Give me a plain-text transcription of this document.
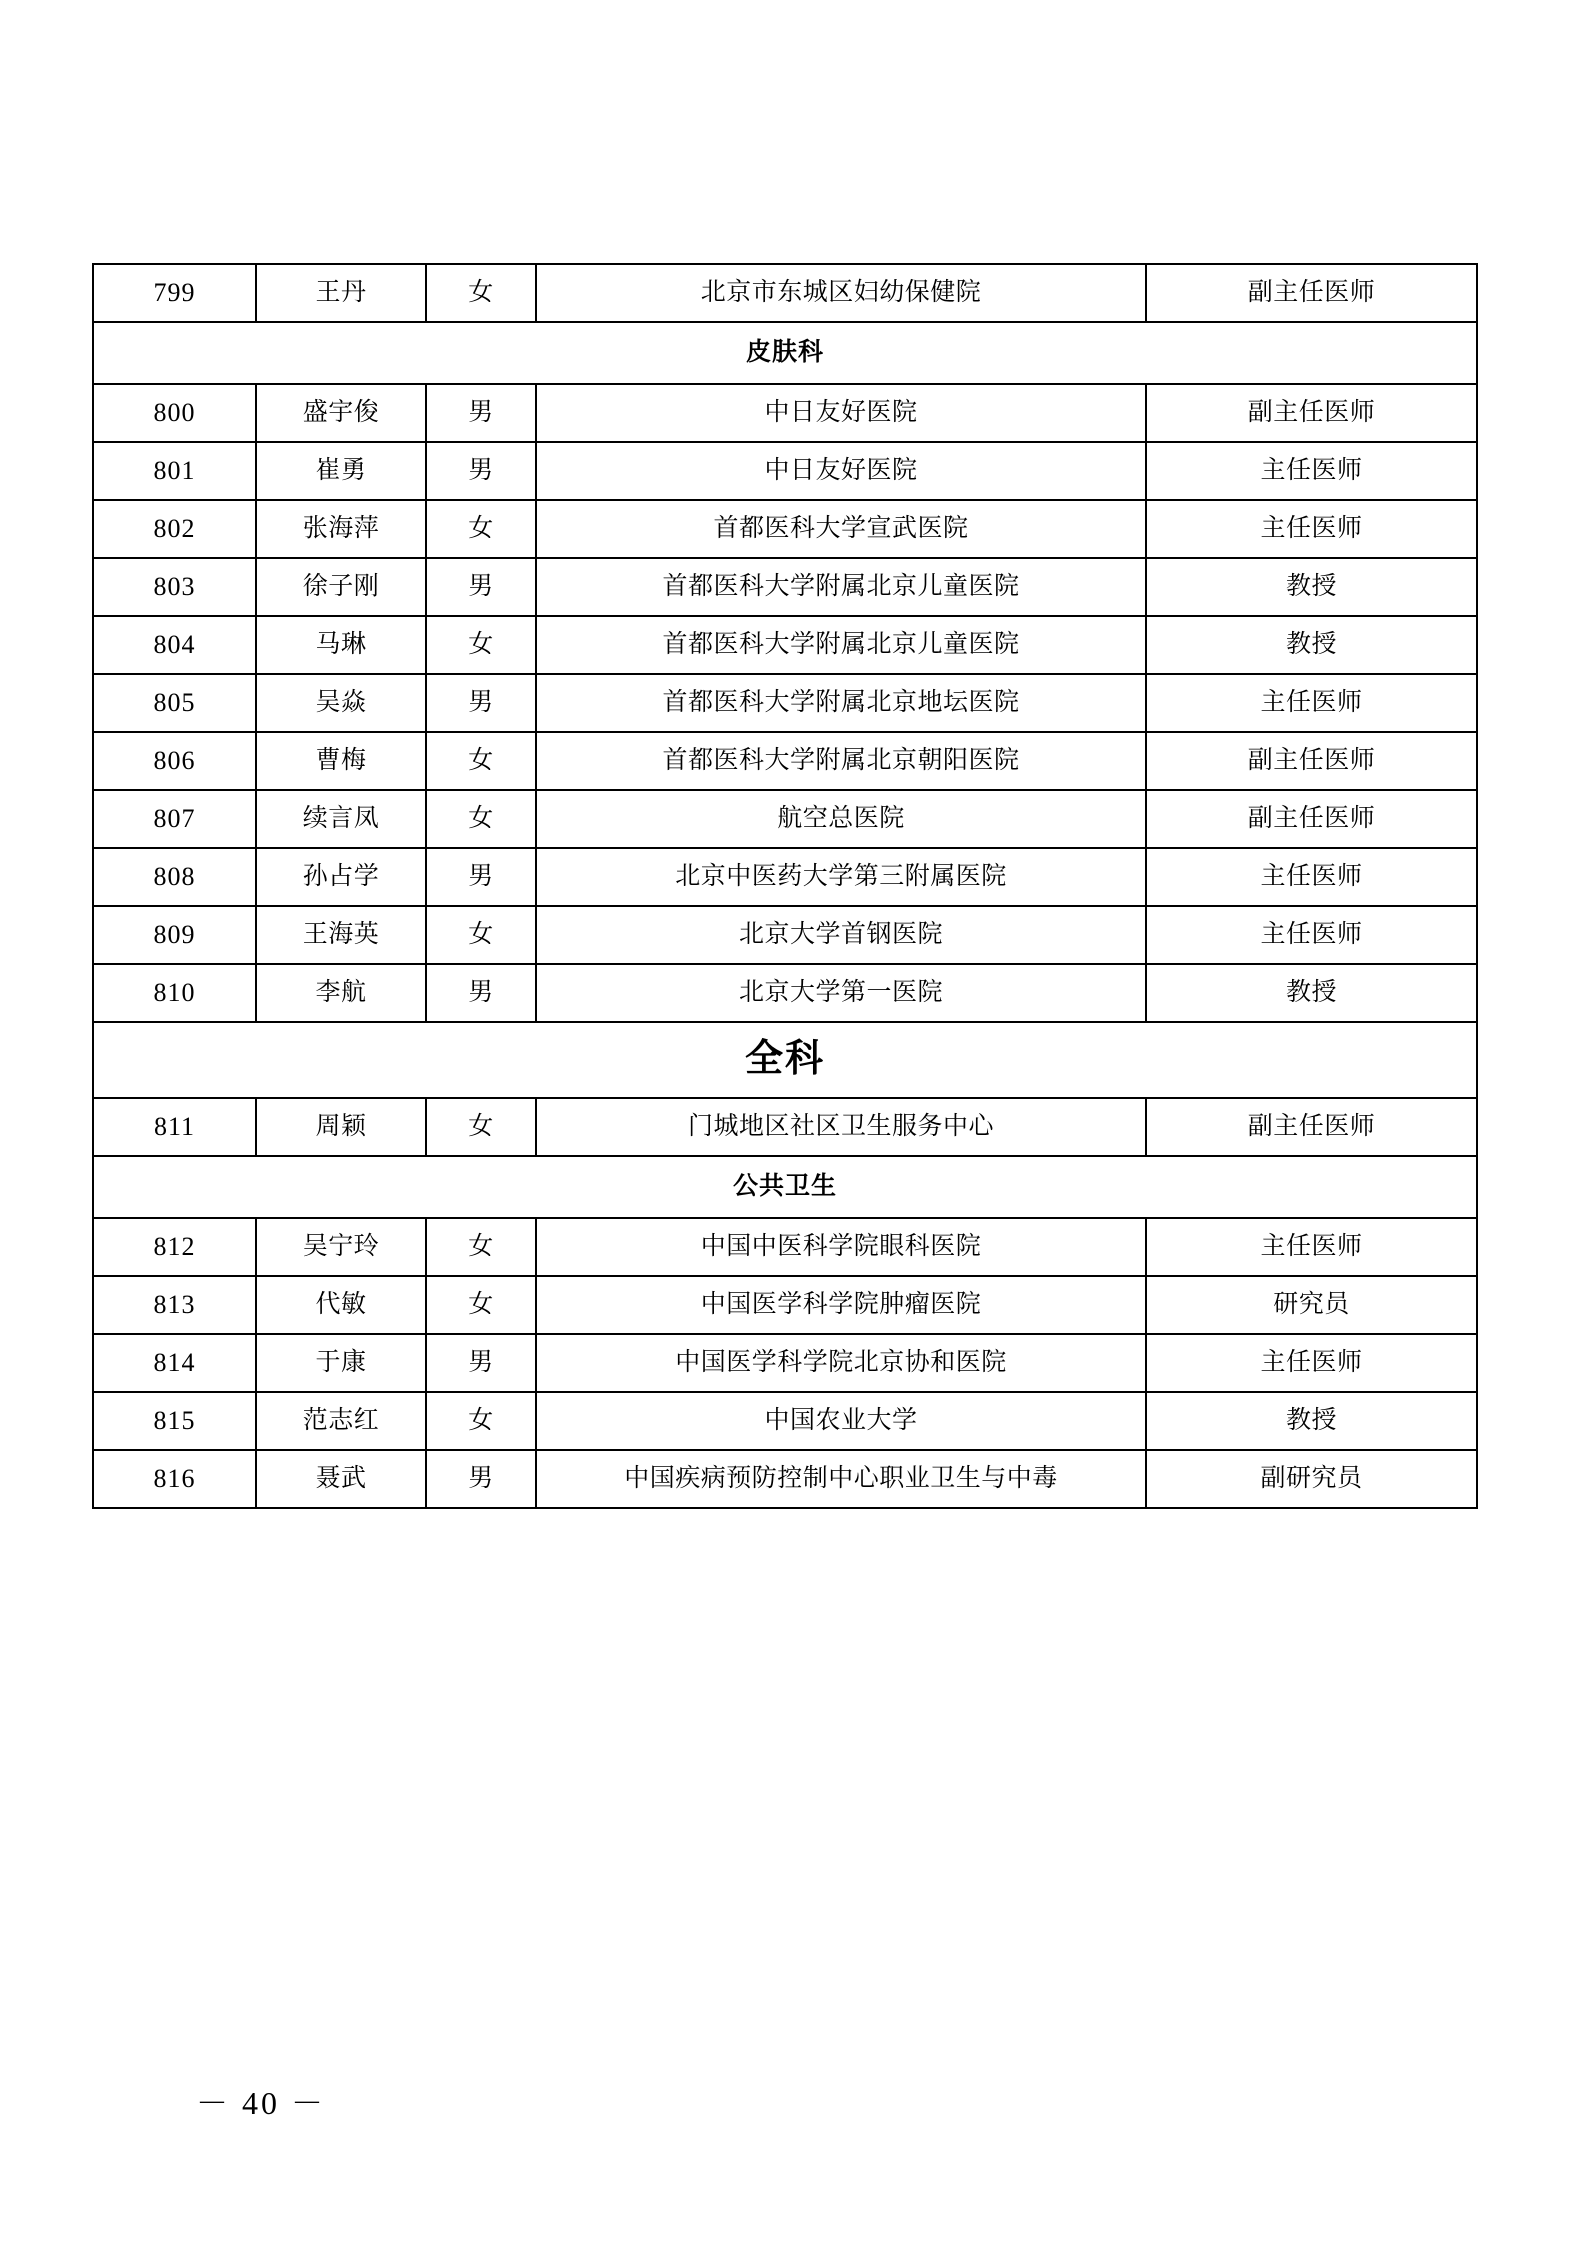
799	王丹	女	北京市东城区妇幼保健院	副主任医师
皮肤科				
800	盛宇俊	男	中日友好医院	副主任医师
801	崔勇	男	中日友好医院	主任医师
802	张海萍	女	首都医科大学宣武医院	主任医师
803	徐子刚	男	首都医科大学附属北京儿童医院	教授
804	马琳	女	首都医科大学附属北京儿童医院	教授
805	吴焱	男	首都医科大学附属北京地坛医院	主任医师
806	曹梅	女	首都医科大学附属北京朝阳医院	副主任医师
807	续言凤	女	航空总医院	副主任医师
808	孙占学	男	北京中医药大学第三附属医院	主任医师
809	王海英	女	北京大学首钢医院	主任医师
810	李航	男	北京大学第一医院	教授
全科				
811	周颖	女	门城地区社区卫生服务中心	副主任医师
公共卫生				
812	吴宁玲	女	中国中医科学院眼科医院	主任医师
813	代敏	女	中国医学科学院肿瘤医院	研究员
814	于康	男	中国医学科学院北京协和医院	主任医师
815	范志红	女	中国农业大学	教授
816	聂武	男	中国疾病预防控制中心职业卫生与中毒	副研究员
－ 40 －
